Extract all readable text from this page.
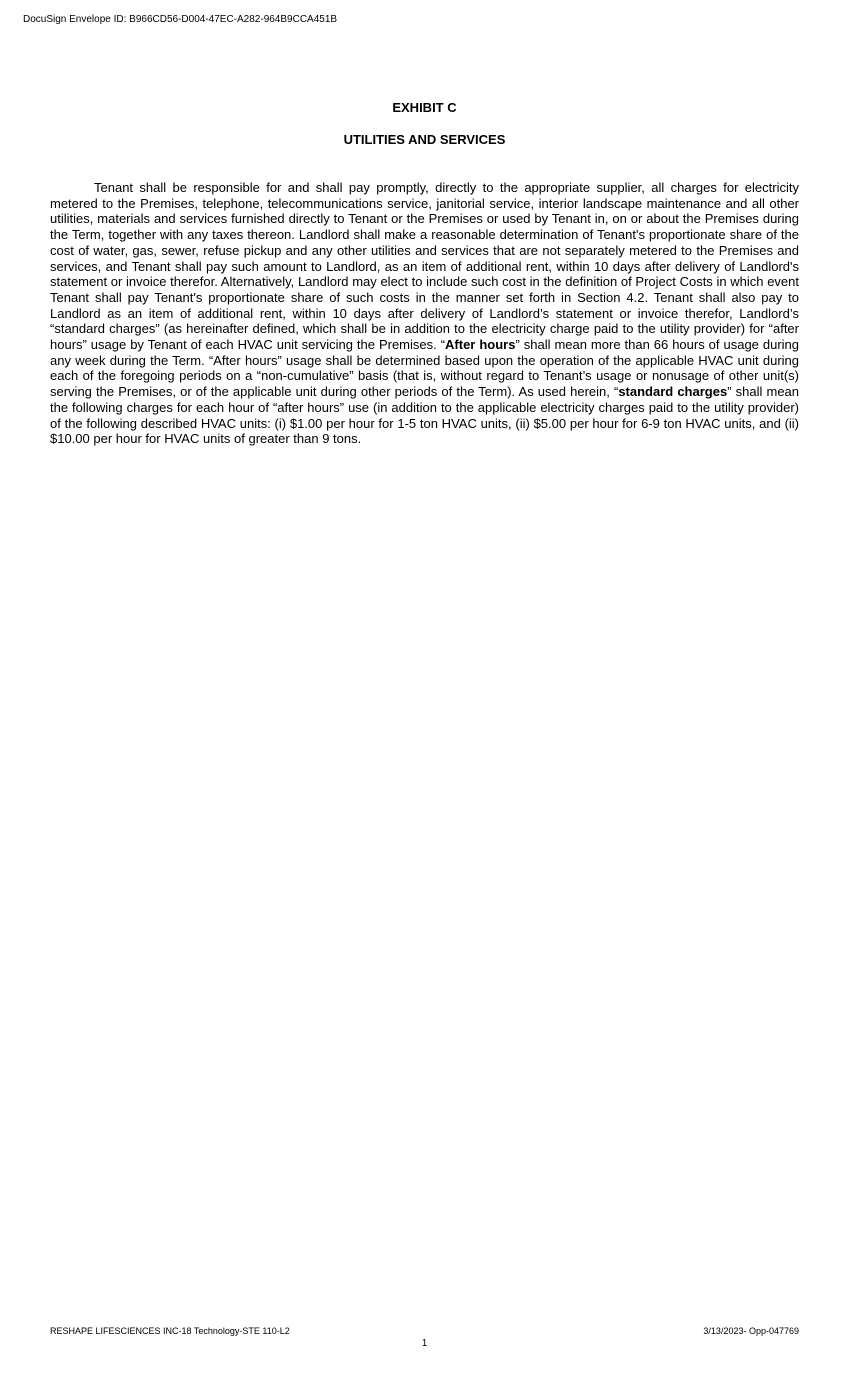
DocuSign Envelope ID: B966CD56-D004-47EC-A282-964B9CCA451B
EXHIBIT C
UTILITIES AND SERVICES

Tenant shall be responsible for and shall pay promptly, directly to the appropriate supplier, all charges for electricity metered to the Premises, telephone, telecommunications service, janitorial service, interior landscape maintenance and all other utilities, materials and services furnished directly to Tenant or the Premises or used by Tenant in, on or about the Premises during the Term, together with any taxes thereon. Landlord shall make a reasonable determination of Tenant's proportionate share of the cost of water, gas, sewer, refuse pickup and any other utilities and services that are not separately metered to the Premises and services, and Tenant shall pay such amount to Landlord, as an item of additional rent, within 10 days after delivery of Landlord's statement or invoice therefor. Alternatively, Landlord may elect to include such cost in the definition of Project Costs in which event Tenant shall pay Tenant's proportionate share of such costs in the manner set forth in Section 4.2. Tenant shall also pay to Landlord as an item of additional rent, within 10 days after delivery of Landlord’s statement or invoice therefor, Landlord’s “standard charges” (as hereinafter defined, which shall be in addition to the electricity charge paid to the utility provider) for “after hours” usage by Tenant of each HVAC unit servicing the Premises. “After hours” shall mean more than 66 hours of usage during any week during the Term. “After hours” usage shall be determined based upon the operation of the applicable HVAC unit during each of the foregoing periods on a “non-cumulative” basis (that is, without regard to Tenant’s usage or nonusage of other unit(s) serving the Premises, or of the applicable unit during other periods of the Term). As used herein, “standard charges” shall mean the following charges for each hour of “after hours” use (in addition to the applicable electricity charges paid to the utility provider) of the following described HVAC units: (i) $1.00 per hour for 1-5 ton HVAC units, (ii) $5.00 per hour for 6-9 ton HVAC units, and (ii) $10.00 per hour for HVAC units of greater than 9 tons.

RESHAPE LIFESCIENCES INC-18 Technology-STE 110-L2	3/13/2023- Opp-047769
1
